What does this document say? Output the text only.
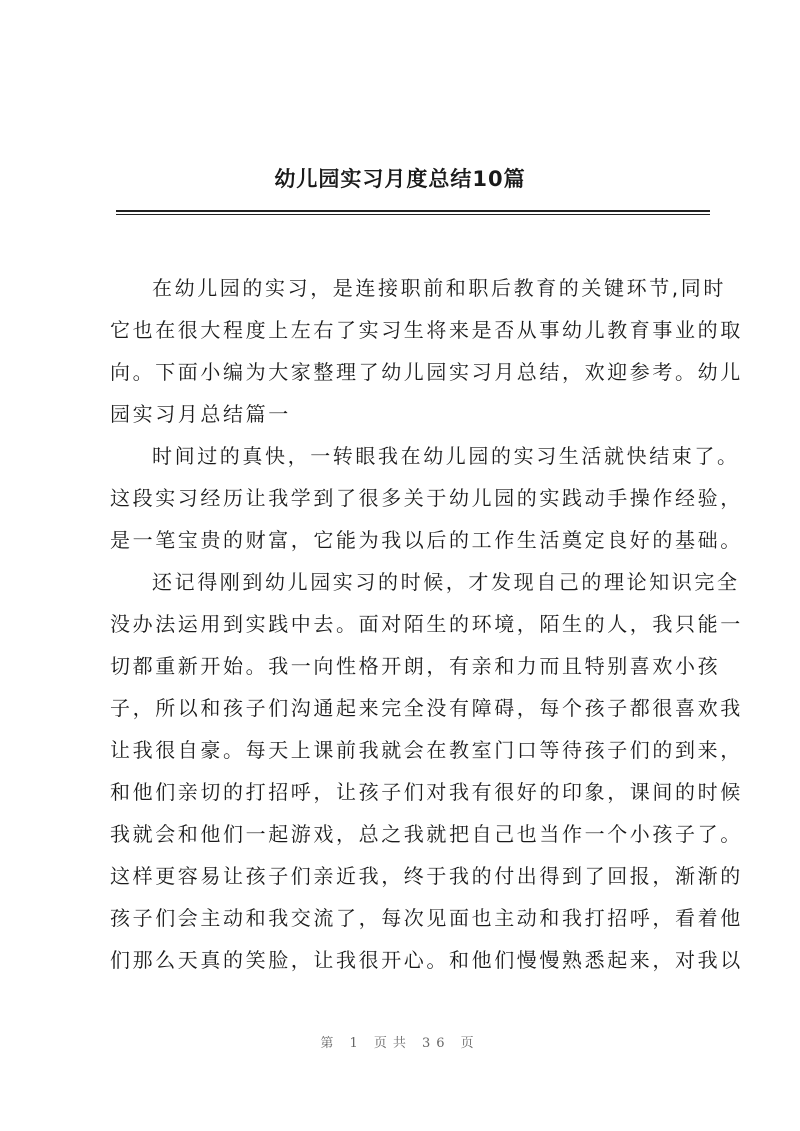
幼儿园实习月度总结10篇
在幼儿园的实习，是连接职前和职后教育的关键环节,同时
它也在很大程度上左右了实习生将来是否从事幼儿教育事业的取
向。下面小编为大家整理了幼儿园实习月总结，欢迎参考。幼儿
园实习月总结篇一
时间过的真快，一转眼我在幼儿园的实习生活就快结束了。
这段实习经历让我学到了很多关于幼儿园的实践动手操作经验，
是一笔宝贵的财富，它能为我以后的工作生活奠定良好的基础。
还记得刚到幼儿园实习的时候，才发现自己的理论知识完全
没办法运用到实践中去。面对陌生的环境，陌生的人，我只能一
切都重新开始。我一向性格开朗，有亲和力而且特别喜欢小孩
子，所以和孩子们沟通起来完全没有障碍，每个孩子都很喜欢我
让我很自豪。每天上课前我就会在教室门口等待孩子们的到来，
和他们亲切的打招呼，让孩子们对我有很好的印象，课间的时候
我就会和他们一起游戏，总之我就把自己也当作一个小孩子了。
这样更容易让孩子们亲近我，终于我的付出得到了回报，渐渐的
孩子们会主动和我交流了，每次见面也主动和我打招呼，看着他
们那么天真的笑脸，让我很开心。和他们慢慢熟悉起来，对我以
第 1 页共 36 页
